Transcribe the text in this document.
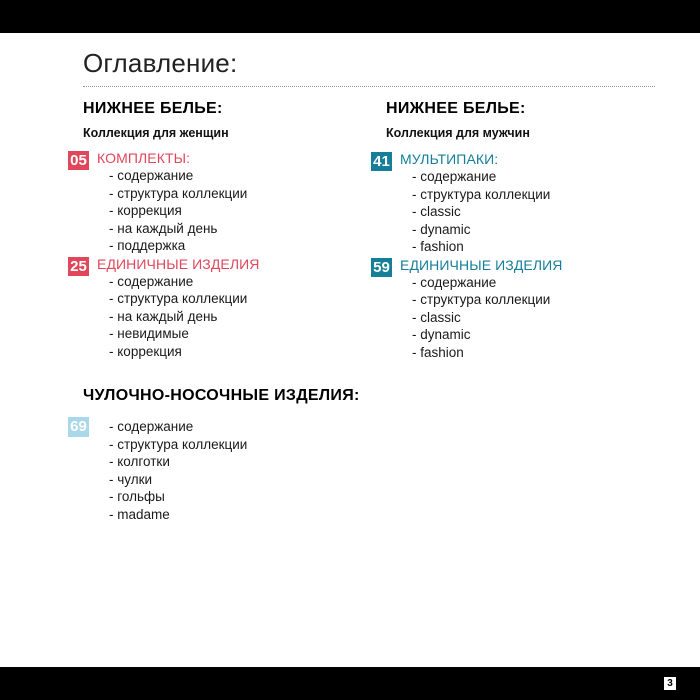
Оглавление:
НИЖНЕЕ БЕЛЬЕ:
Коллекция для женщин
05 КОМПЛЕКТЫ:
- содержание
- структура коллекции
- коррекция
- на каждый день
- поддержка
25 ЕДИНИЧНЫЕ ИЗДЕЛИЯ
- содержание
- структура коллекции
- на каждый день
- невидимые
- коррекция
НИЖНЕЕ БЕЛЬЕ:
Коллекция для мужчин
41 МУЛЬТИПАКИ:
- содержание
- структура коллекции
- classic
- dynamic
- fashion
59 ЕДИНИЧНЫЕ ИЗДЕЛИЯ
- содержание
- структура коллекции
- classic
- dynamic
- fashion
ЧУЛОЧНО-НОСОЧНЫЕ ИЗДЕЛИЯ:
69
-	содержание
- структура коллекции
- колготки
- чулки
- гольфы
- madame
3
